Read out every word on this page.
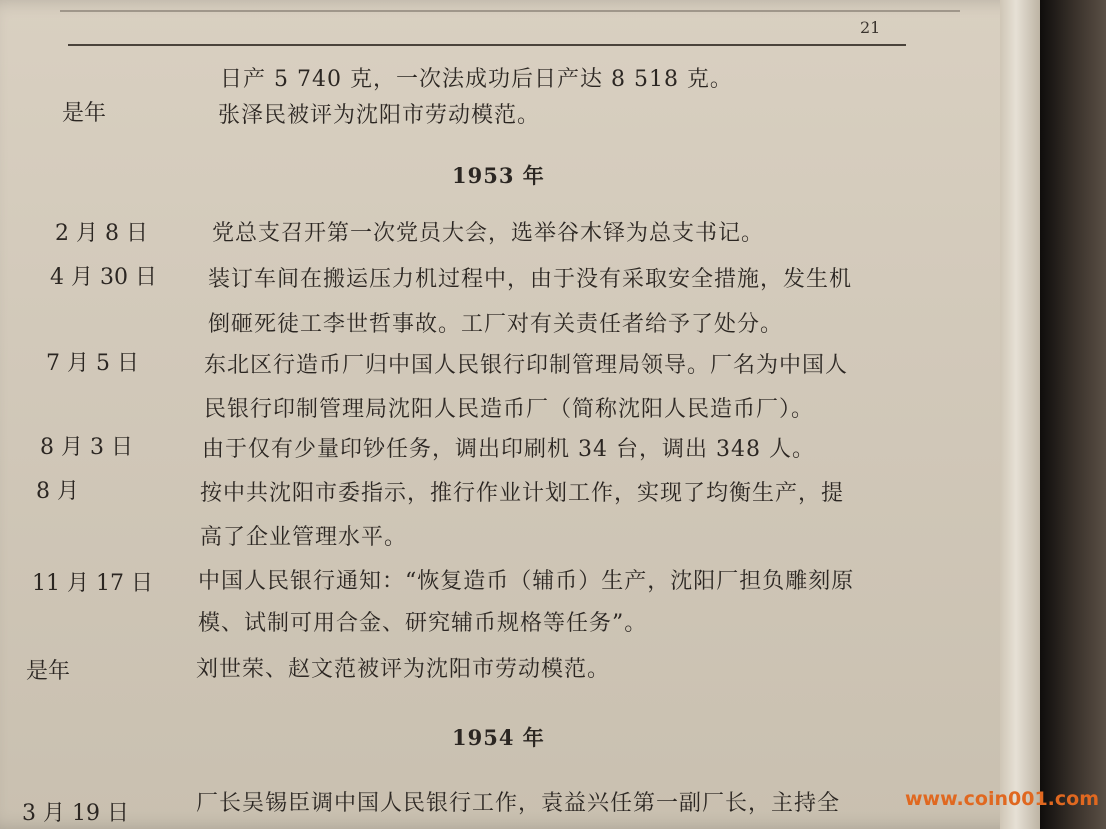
21
日产 5 740 克，一次法成功后日产达 8 518 克。
是年	张泽民被评为沈阳市劳动模范。
1953 年
2 月 8 日	党总支召开第一次党员大会，选举谷木铎为总支书记。
4 月 30 日 装订车间在搬运压力机过程中，由于没有采取安全措施，发生机
倒砸死徒工李世哲事故。工厂对有关责任者给予了处分。
7 月 5 日	东北区行造币厂归中国人民银行印制管理局领导。厂名为中国人
民银行印制管理局沈阳人民造币厂（简称沈阳人民造币厂）。
8 月 3 日	由于仅有少量印钞任务，调出印刷机 34 台，调出 348 人。
8 月	按中共沈阳市委指示，推行作业计划工作，实现了均衡生产，提
高了企业管理水平。
11 月 17 日 中国人民银行通知：“恢复造币（辅币）生产，沈阳厂担负雕刻原
模、试制可用合金、研究辅币规格等任务”。
是年	刘世荣、赵文范被评为沈阳市劳动模范。
1954 年
3 月 19 日	厂长吴锡臣调中国人民银行工作，袁益兴任第一副厂长，主持全	www.coin001.com
